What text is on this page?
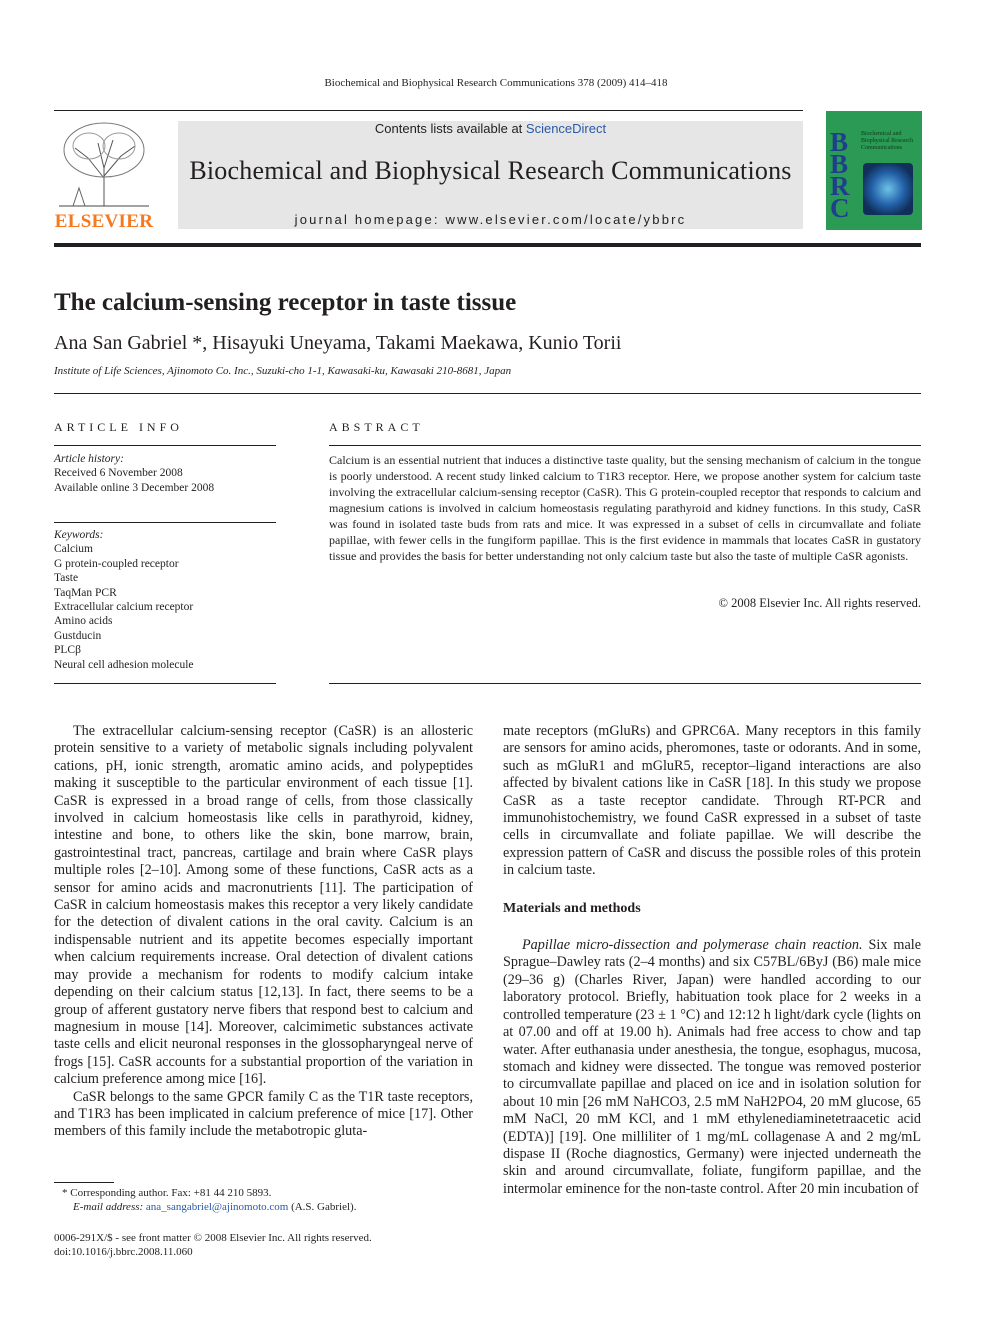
Biochemical and Biophysical Research Communications 378 (2009) 414–418
ELSEVIER
Contents lists available at ScienceDirect
Biochemical and Biophysical Research Communications
journal homepage: www.elsevier.com/locate/ybbrc
B
B
R
C
Biochemical and Biophysical Research Communications
The calcium-sensing receptor in taste tissue
Ana San Gabriel *, Hisayuki Uneyama, Takami Maekawa, Kunio Torii
Institute of Life Sciences, Ajinomoto Co. Inc., Suzuki-cho 1-1, Kawasaki-ku, Kawasaki 210-8681, Japan
ARTICLE INFO
Article history:
Received 6 November 2008
Available online 3 December 2008
Keywords:
Calcium
G protein-coupled receptor
Taste
TaqMan PCR
Extracellular calcium receptor
Amino acids
Gustducin
PLCβ
Neural cell adhesion molecule
ABSTRACT
Calcium is an essential nutrient that induces a distinctive taste quality, but the sensing mechanism of calcium in the tongue is poorly understood. A recent study linked calcium to T1R3 receptor. Here, we propose another system for calcium taste involving the extracellular calcium-sensing receptor (CaSR). This G protein-coupled receptor that responds to calcium and magnesium cations is involved in calcium homeostasis regulating parathyroid and kidney functions. In this study, CaSR was found in isolated taste buds from rats and mice. It was expressed in a subset of cells in circumvallate and foliate papillae, with fewer cells in the fungiform papillae. This is the first evidence in mammals that locates CaSR in gustatory tissue and provides the basis for better understanding not only calcium taste but also the taste of multiple CaSR agonists.
© 2008 Elsevier Inc. All rights reserved.

The extracellular calcium-sensing receptor (CaSR) is an allosteric protein sensitive to a variety of metabolic signals including polyvalent cations, pH, ionic strength, aromatic amino acids, and polypeptides making it susceptible to the particular environment of each tissue [1]. CaSR is expressed in a broad range of cells, from those classically involved in calcium homeostasis like cells in parathyroid, kidney, intestine and bone, to others like the skin, bone marrow, brain, gastrointestinal tract, pancreas, cartilage and brain where CaSR plays multiple roles [2–10]. Among some of these functions, CaSR acts as a sensor for amino acids and macronutrients [11]. The participation of CaSR in calcium homeostasis makes this receptor a very likely candidate for the detection of divalent cations in the oral cavity. Calcium is an indispensable nutrient and its appetite becomes especially important when calcium requirements increase. Oral detection of divalent cations may provide a mechanism for rodents to modify calcium intake depending on their calcium status [12,13]. In fact, there seems to be a group of afferent gustatory nerve fibers that respond best to calcium and magnesium in mouse [14]. Moreover, calcimimetic substances activate taste cells and elicit neuronal responses in the glossopharyngeal nerve of frogs [15]. CaSR accounts for a substantial proportion of the variation in calcium preference among mice [16].

CaSR belongs to the same GPCR family C as the T1R taste receptors, and T1R3 has been implicated in calcium preference of mice [17]. Other members of this family include the metabotropic gluta-

mate receptors (mGluRs) and GPRC6A. Many receptors in this family are sensors for amino acids, pheromones, taste or odorants. And in some, such as mGluR1 and mGluR5, receptor–ligand interactions are also affected by bivalent cations like in CaSR [18]. In this study we propose CaSR as a taste receptor candidate. Through RT-PCR and immunohistochemistry, we found CaSR expressed in a subset of taste cells in circumvallate and foliate papillae. We will describe the expression pattern of CaSR and discuss the possible roles of this protein in calcium taste.

Materials and methods

Papillae micro-dissection and polymerase chain reaction. Six male Sprague–Dawley rats (2–4 months) and six C57BL/6ByJ (B6) male mice (29–36 g) (Charles River, Japan) were handled according to our laboratory protocol. Briefly, habituation took place for 2 weeks in a controlled temperature (23 ± 1 °C) and 12:12 h light/dark cycle (lights on at 07.00 and off at 19.00 h). Animals had free access to chow and tap water. After euthanasia under anesthesia, the tongue, esophagus, mucosa, stomach and kidney were dissected. The tongue was removed posterior to circumvallate papillae and placed on ice and in isolation solution for about 10 min [26 mM NaHCO3, 2.5 mM NaH2PO4, 20 mM glucose, 65 mM NaCl, 20 mM KCl, and 1 mM ethylenediaminetetraacetic acid (EDTA)] [19]. One milliliter of 1 mg/mL collagenase A and 2 mg/mL dispase II (Roche diagnostics, Germany) were injected underneath the skin and around circumvallate, foliate, fungiform papillae, and the intermolar eminence for the non-taste control. After 20 min incubation of

* Corresponding author. Fax: +81 44 210 5893.
E-mail address: ana_sangabriel@ajinomoto.com (A.S. Gabriel).
0006-291X/$ - see front matter © 2008 Elsevier Inc. All rights reserved.
doi:10.1016/j.bbrc.2008.11.060
